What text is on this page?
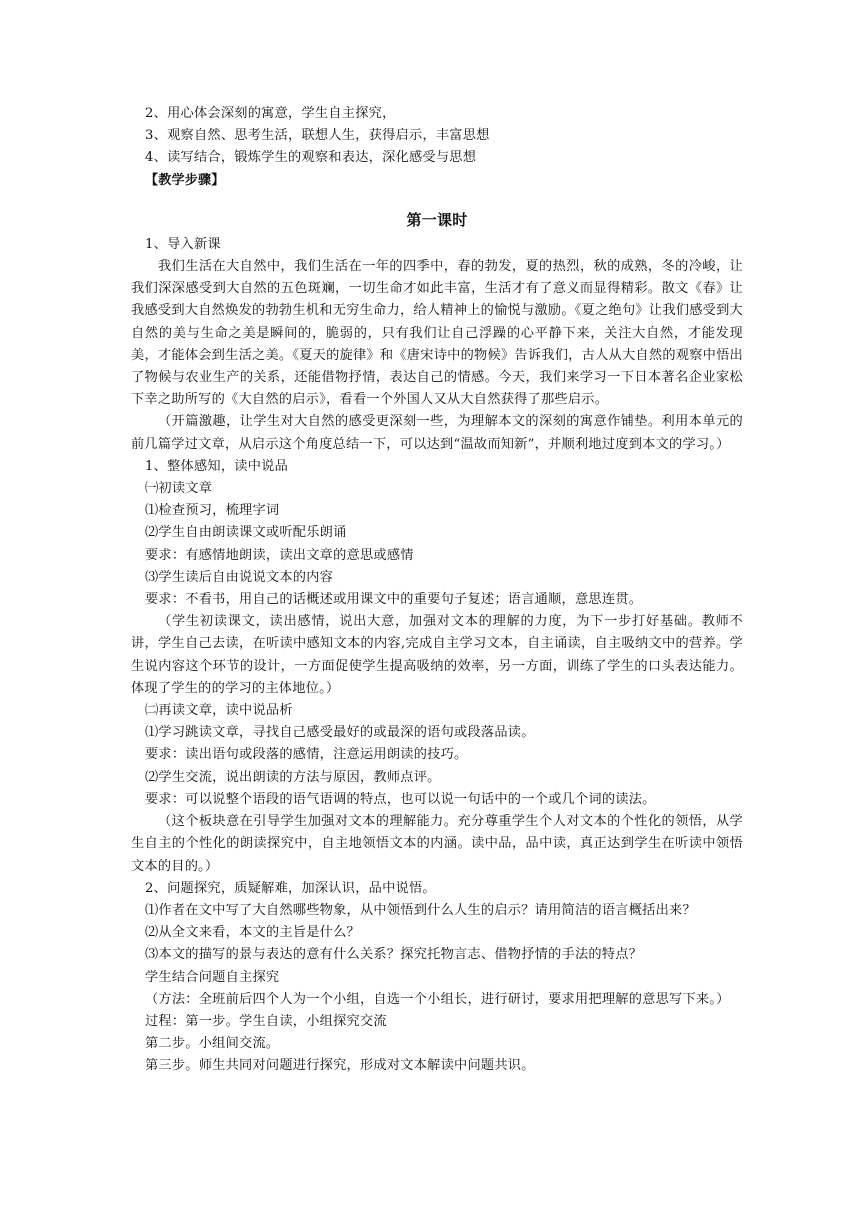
2、用心体会深刻的寓意，学生自主探究，

3、观察自然、思考生活，联想人生，获得启示，丰富思想

4、读写结合，锻炼学生的观察和表达，深化感受与思想

【教学步骤】

第一课时

1、导入新课

我们生活在大自然中，我们生活在一年的四季中，春的勃发，夏的热烈，秋的成熟，冬的冷峻，让我们深深感受到大自然的五色斑斓，一切生命才如此丰富，生活才有了意义而显得精彩。散文《春》让我感受到大自然焕发的勃勃生机和无穷生命力，给人精神上的愉悦与激励。《夏之绝句》让我们感受到大自然的美与生命之美是瞬间的，脆弱的，只有我们让自己浮躁的心平静下来，关注大自然，才能发现美，才能体会到生活之美。《夏天的旋律》和《唐宋诗中的物候》告诉我们，古人从大自然的观察中悟出了物候与农业生产的关系，还能借物抒情，表达自己的情感。今天，我们来学习一下日本著名企业家松下幸之助所写的《大自然的启示》，看看一个外国人又从大自然获得了那些启示。

（开篇激趣，让学生对大自然的感受更深刻一些，为理解本文的深刻的寓意作铺垫。利用本单元的前几篇学过文章，从启示这个角度总结一下，可以达到“温故而知新”，并顺利地过度到本文的学习。）

1、整体感知，读中说品

㈠初读文章

⑴检查预习，梳理字词

⑵学生自由朗读课文或听配乐朗诵

要求：有感情地朗读，读出文章的意思或感情

⑶学生读后自由说说文本的内容

要求：不看书，用自己的话概述或用课文中的重要句子复述；语言通顺，意思连贯。

（学生初读课文，读出感情，说出大意，加强对文本的理解的力度，为下一步打好基础。教师不讲，学生自己去读，在听读中感知文本的内容,完成自主学习文本，自主诵读，自主吸纳文中的营养。学生说内容这个环节的设计，一方面促使学生提高吸纳的效率，另一方面，训练了学生的口头表达能力。体现了学生的的学习的主体地位。）

㈡再读文章，读中说品析

⑴学习跳读文章，寻找自己感受最好的或最深的语句或段落品读。

要求：读出语句或段落的感情，注意运用朗读的技巧。

⑵学生交流，说出朗读的方法与原因，教师点评。

要求：可以说整个语段的语气语调的特点，也可以说一句话中的一个或几个词的读法。

（这个板块意在引导学生加强对文本的理解能力。充分尊重学生个人对文本的个性化的领悟，从学生自主的个性化的朗读探究中，自主地领悟文本的内涵。读中品，品中读，真正达到学生在听读中领悟文本的目的。）

2、问题探究，质疑解难，加深认识，品中说悟。

⑴作者在文中写了大自然哪些物象，从中领悟到什么人生的启示？请用简洁的语言概括出来？

⑵从全文来看，本文的主旨是什么？

⑶本文的描写的景与表达的意有什么关系？探究托物言志、借物抒情的手法的特点？

学生结合问题自主探究

（方法：全班前后四个人为一个小组，自选一个小组长，进行研讨，要求用把理解的意思写下来。）

过程：第一步。学生自读，小组探究交流

第二步。小组间交流。

第三步。师生共同对问题进行探究，形成对文本解读中问题共识。
